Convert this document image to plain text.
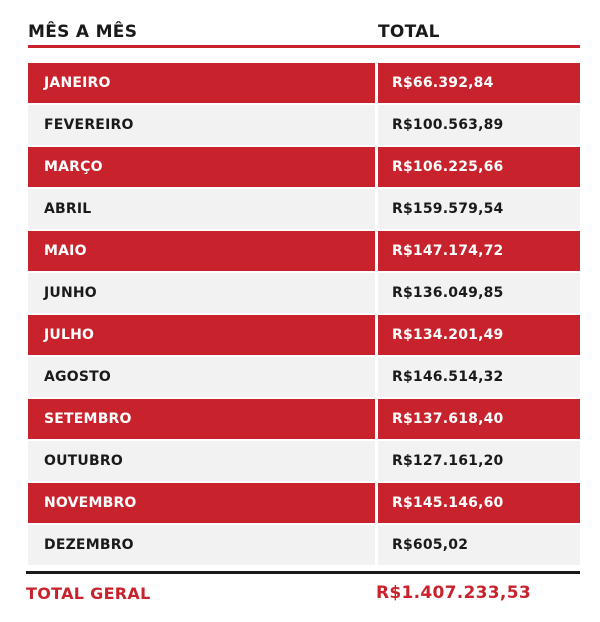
MÊS A MÊS	TOTAL
JANEIRO	R$66.392,84
FEVEREIRO	R$100.563,89
MARÇO	R$106.225,66
ABRIL	R$159.579,54
MAIO	R$147.174,72
JUNHO	R$136.049,85
JULHO	R$134.201,49
AGOSTO	R$146.514,32
SETEMBRO	R$137.618,40
OUTUBRO	R$127.161,20
NOVEMBRO	R$145.146,60
DEZEMBRO	R$605,02
TOTAL GERAL	R$1.407.233,53
